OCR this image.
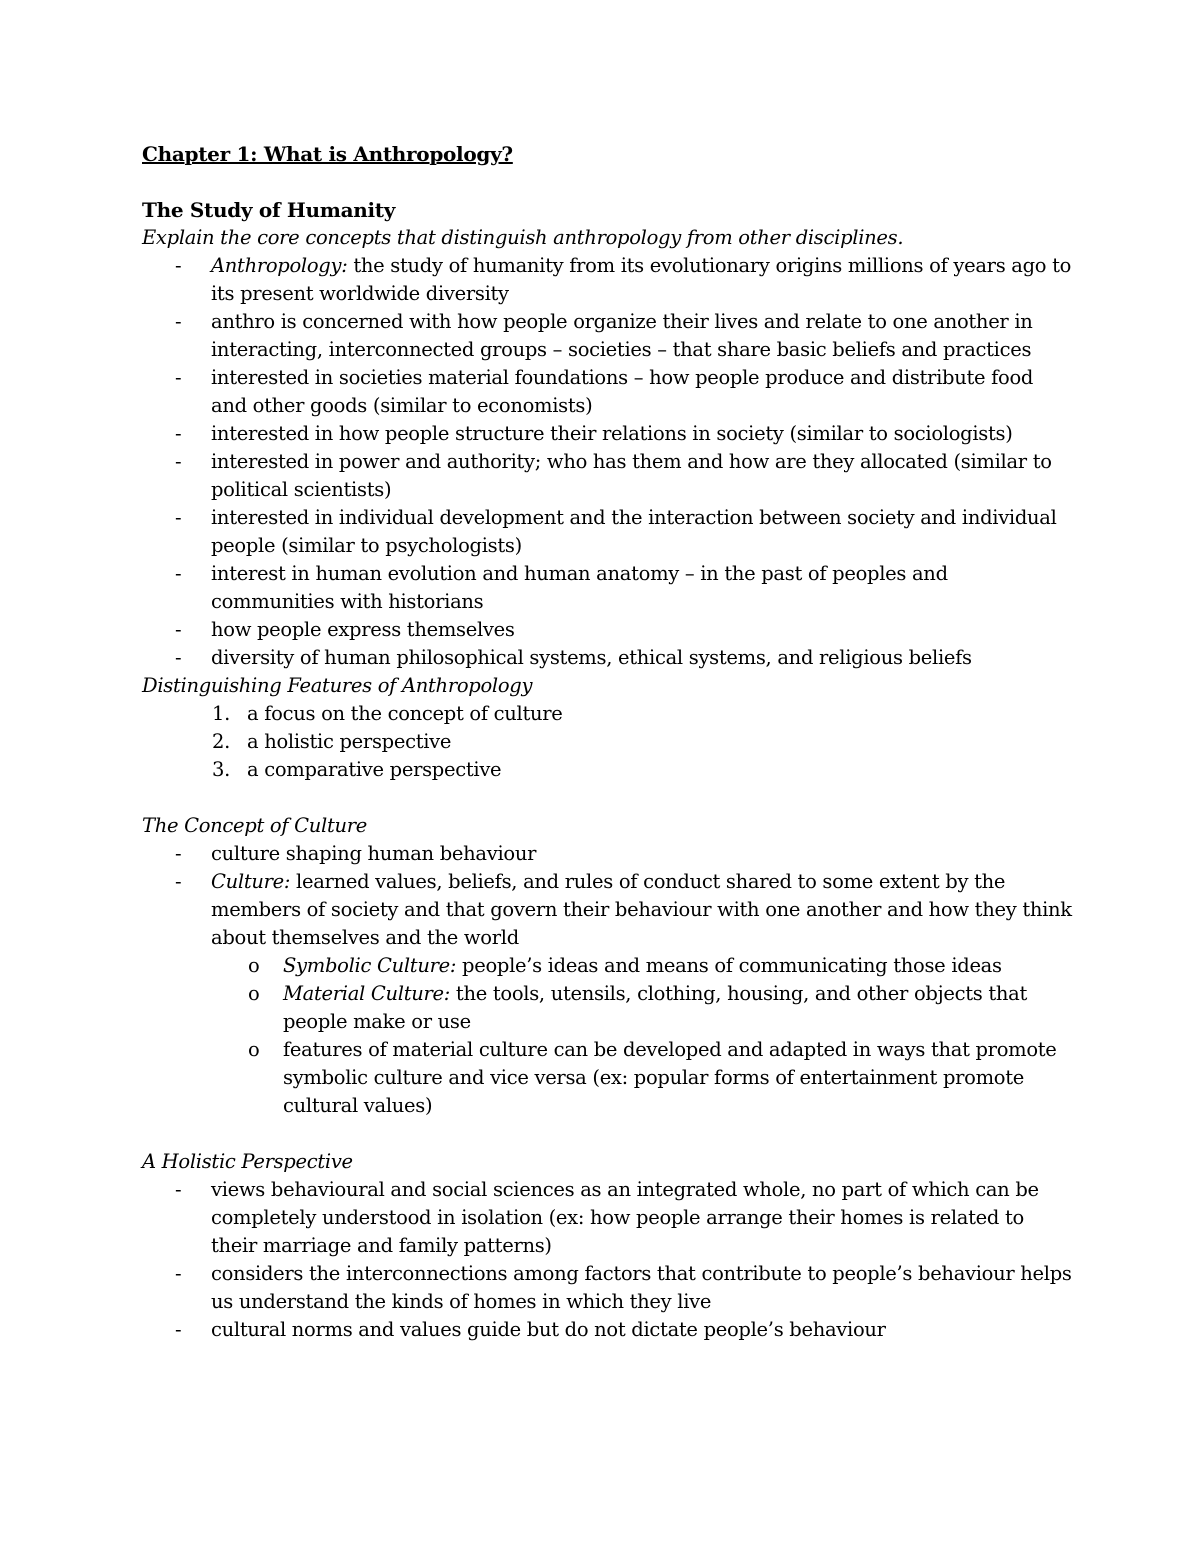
Chapter 1: What is Anthropology?

The Study of Humanity

Explain the core concepts that distinguish anthropology from other disciplines.

- Anthropology: the study of humanity from its evolutionary origins millions of years ago to its present worldwide diversity
- anthro is concerned with how people organize their lives and relate to one another in interacting, interconnected groups – societies – that share basic beliefs and practices
- interested in societies material foundations – how people produce and distribute food and other goods (similar to economists)
- interested in how people structure their relations in society (similar to sociologists)
- interested in power and authority; who has them and how are they allocated (similar to political scientists)
- interested in individual development and the interaction between society and individual people (similar to psychologists)
- interest in human evolution and human anatomy – in the past of peoples and communities with historians
- how people express themselves
- diversity of human philosophical systems, ethical systems, and religious beliefs

Distinguishing Features of Anthropology

1. a focus on the concept of culture
2. a holistic perspective
3. a comparative perspective

The Concept of Culture

- culture shaping human behaviour
- Culture: learned values, beliefs, and rules of conduct shared to some extent by the members of society and that govern their behaviour with one another and how they think about themselves and the world
o Symbolic Culture: people’s ideas and means of communicating those ideas
o Material Culture: the tools, utensils, clothing, housing, and other objects that people make or use
o features of material culture can be developed and adapted in ways that promote symbolic culture and vice versa (ex: popular forms of entertainment promote cultural values)

A Holistic Perspective

- views behavioural and social sciences as an integrated whole, no part of which can be completely understood in isolation (ex: how people arrange their homes is related to their marriage and family patterns)
- considers the interconnections among factors that contribute to people’s behaviour helps us understand the kinds of homes in which they live
- cultural norms and values guide but do not dictate people’s behaviour
